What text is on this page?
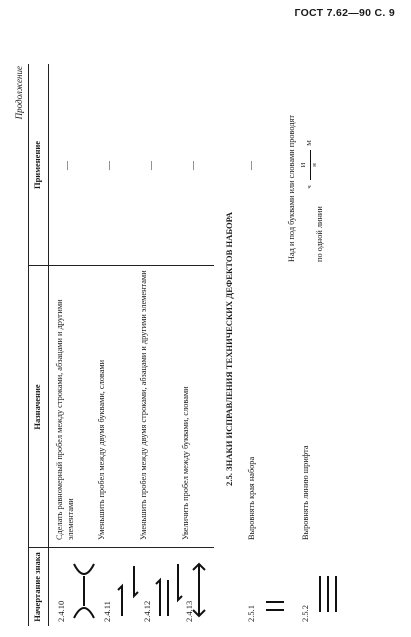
ГОСТ 7.62—90 С. 9
Продолжение
Начертание знака
Назначение
Применение
2.4.10
Сделать равномерный пробел между строками, абзацами и другими элементами
—
2.4.11
Уменьшить пробел между двумя буквами, словами
—
2.4.12
Уменьшить пробел между двумя строками, абзацами и другими элементами
—
2.4.13
Увеличить пробел между буквами, словами
—
2.5. ЗНАКИ ИСПРАВЛЕНИЯ ТЕХНИЧЕСКИХ ДЕФЕКТОВ НАБОРА
2.5.1
Выровнять края набора
—
2.5.2
Выровнять линию шрифта
Над и под буквами или словами проводят по одной линии
И н
ч
М
